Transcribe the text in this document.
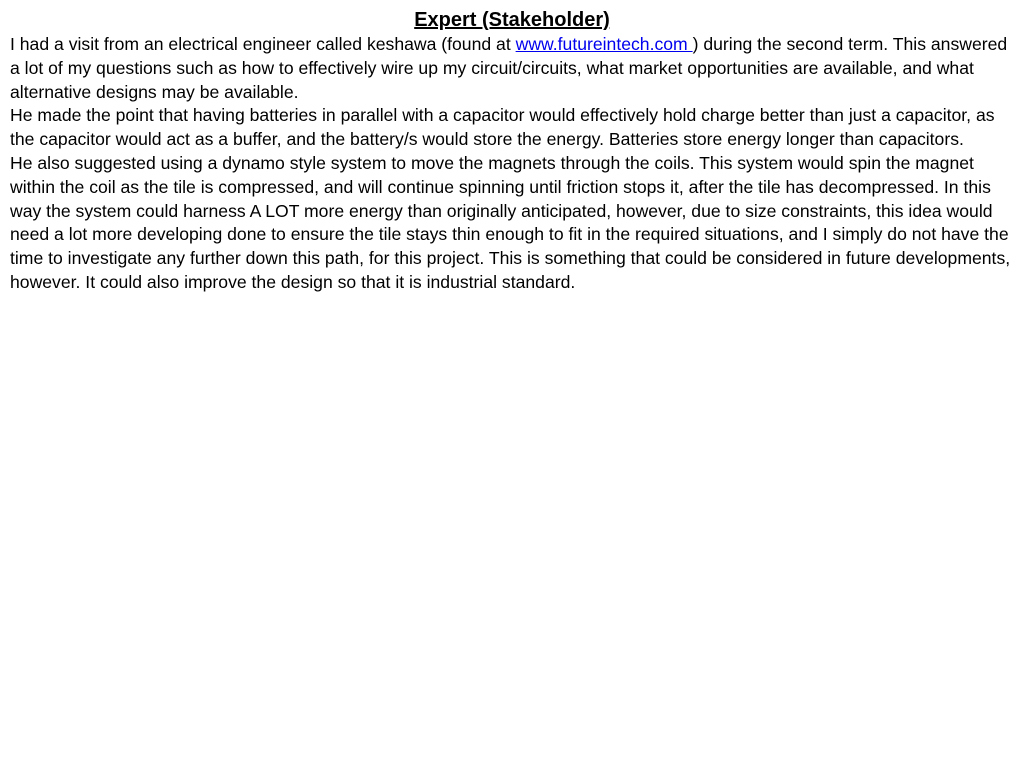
Expert (Stakeholder)

I had a visit from an electrical engineer called keshawa (found at www.futureintech.com ) during the second term. This answered a lot of my questions such as how to effectively wire up my circuit/circuits, what market opportunities are available, and what alternative designs may be available.

He made the point that having batteries in parallel with a capacitor would effectively hold charge better than just a capacitor, as the capacitor would act as a buffer, and the battery/s would store the energy. Batteries store energy longer than capacitors.

He also suggested using a dynamo style system to move the magnets through the coils. This system would spin the magnet within the coil as the tile is compressed, and will continue spinning until friction stops it, after the tile has decompressed. In this way the system could harness A LOT more energy than originally anticipated, however, due to size constraints, this idea would need a lot more developing done to ensure the tile stays thin enough to fit in the required situations, and I simply do not have the time to investigate any further down this path, for this project. This is something that could be considered in future developments, however. It could also improve the design so that it is industrial standard.
